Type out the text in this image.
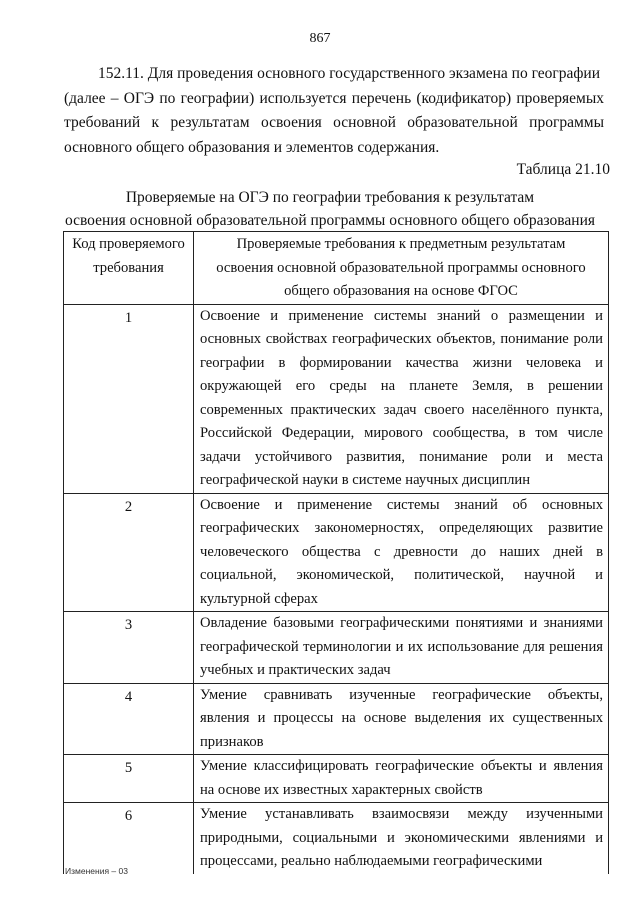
867
152.11. Для проведения основного государственного экзамена по географии
(далее – ОГЭ по географии) используется перечень (кодификатор) проверяемых требований к результатам освоения основной образовательной программы основного общего образования и элементов содержания.
Таблица 21.10
Проверяемые на ОГЭ по географии требования к результатам
освоения основной образовательной программы основного общего образования
Код проверяемого требования	Проверяемые требования к предметным результатам освоения основной образовательной программы основного общего образования на основе ФГОС
1	Освоение и применение системы знаний о размещении и основных свойствах географических объектов, понимание роли географии в формировании качества жизни человека и окружающей его среды на планете Земля, в решении современных практических задач своего населённого пункта, Российской Федерации, мирового сообщества, в том числе задачи устойчивого развития, понимание роли и места географической науки в системе научных дисциплин
2	Освоение и применение системы знаний об основных географических закономерностях, определяющих развитие человеческого общества с древности до наших дней в социальной, экономической, политической, научной и культурной сферах
3	Овладение базовыми географическими понятиями и знаниями географической терминологии и их использование для решения учебных и практических задач
4	Умение сравнивать изученные географические объекты, явления и процессы на основе выделения их существенных признаков
5	Умение классифицировать географические объекты и явления на основе их известных характерных свойств
6	Умение устанавливать взаимосвязи между изученными природными, социальными и экономическими явлениями и процессами, реально наблюдаемыми географическими
Изменения – 03
